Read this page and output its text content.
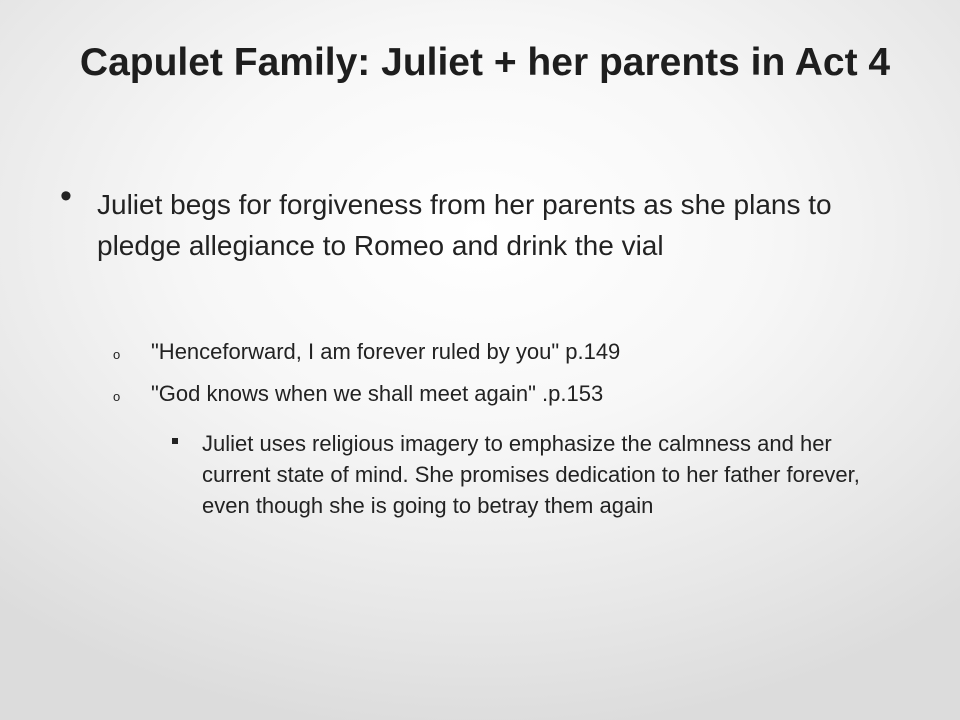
Capulet Family: Juliet + her parents in Act 4
• Juliet begs for forgiveness from her parents as she plans to pledge allegiance to Romeo and drink the vial
o "Henceforward, I am forever ruled by you" p.149
o "God knows when we shall meet again" .p.153
Juliet uses religious imagery to emphasize the calmness and her current state of mind. She promises dedication to her father forever, even though she is going to betray them again
